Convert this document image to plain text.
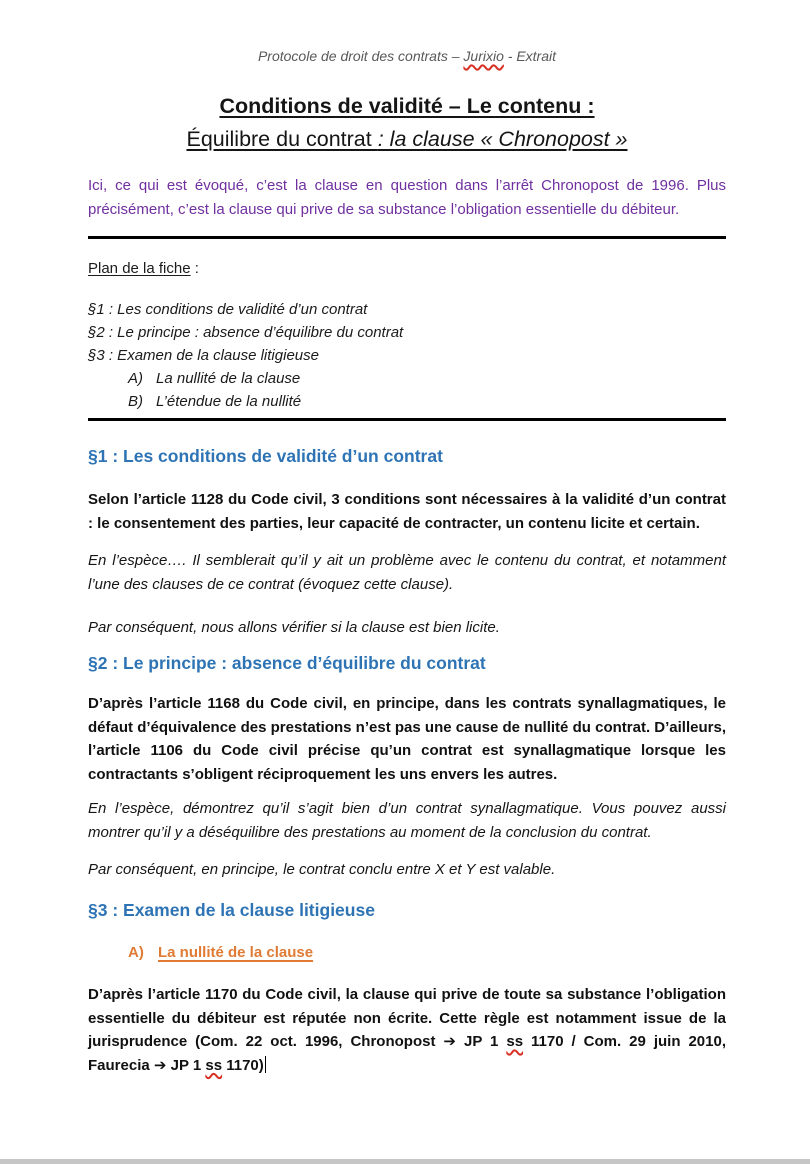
Protocole de droit des contrats – Jurixio - Extrait
Conditions de validité – Le contenu :
Équilibre du contrat : la clause « Chronopost »
Ici, ce qui est évoqué, c’est la clause en question dans l’arrêt Chronopost de 1996. Plus précisément, c’est la clause qui prive de sa substance l’obligation essentielle du débiteur.
Plan de la fiche :
§1 : Les conditions de validité d’un contrat
§2 : Le principe : absence d’équilibre du contrat
§3 : Examen de la clause litigieuse
A) La nullité de la clause
B) L’étendue de la nullité
§1 : Les conditions de validité d’un contrat
Selon l’article 1128 du Code civil, 3 conditions sont nécessaires à la validité d’un contrat : le consentement des parties, leur capacité de contracter, un contenu licite et certain.
En l’espèce…. Il semblerait qu’il y ait un problème avec le contenu du contrat, et notamment l’une des clauses de ce contrat (évoquez cette clause).
Par conséquent, nous allons vérifier si la clause est bien licite.
§2 : Le principe : absence d’équilibre du contrat
D’après l’article 1168 du Code civil, en principe, dans les contrats synallagmatiques, le défaut d’équivalence des prestations n’est pas une cause de nullité du contrat. D’ailleurs, l’article 1106 du Code civil précise qu’un contrat est synallagmatique lorsque les contractants s’obligent réciproquement les uns envers les autres.
En l’espèce, démontrez qu’il s’agit bien d’un contrat synallagmatique. Vous pouvez aussi montrer qu’il y a déséquilibre des prestations au moment de la conclusion du contrat.
Par conséquent, en principe, le contrat conclu entre X et Y est valable.
§3 : Examen de la clause litigieuse
A) La nullité de la clause
D’après l’article 1170 du Code civil, la clause qui prive de toute sa substance l’obligation essentielle du débiteur est réputée non écrite. Cette règle est notamment issue de la jurisprudence (Com. 22 oct. 1996, Chronopost ➔ JP 1 ss 1170 / Com. 29 juin 2010, Faurecia ➔ JP 1 ss 1170)
